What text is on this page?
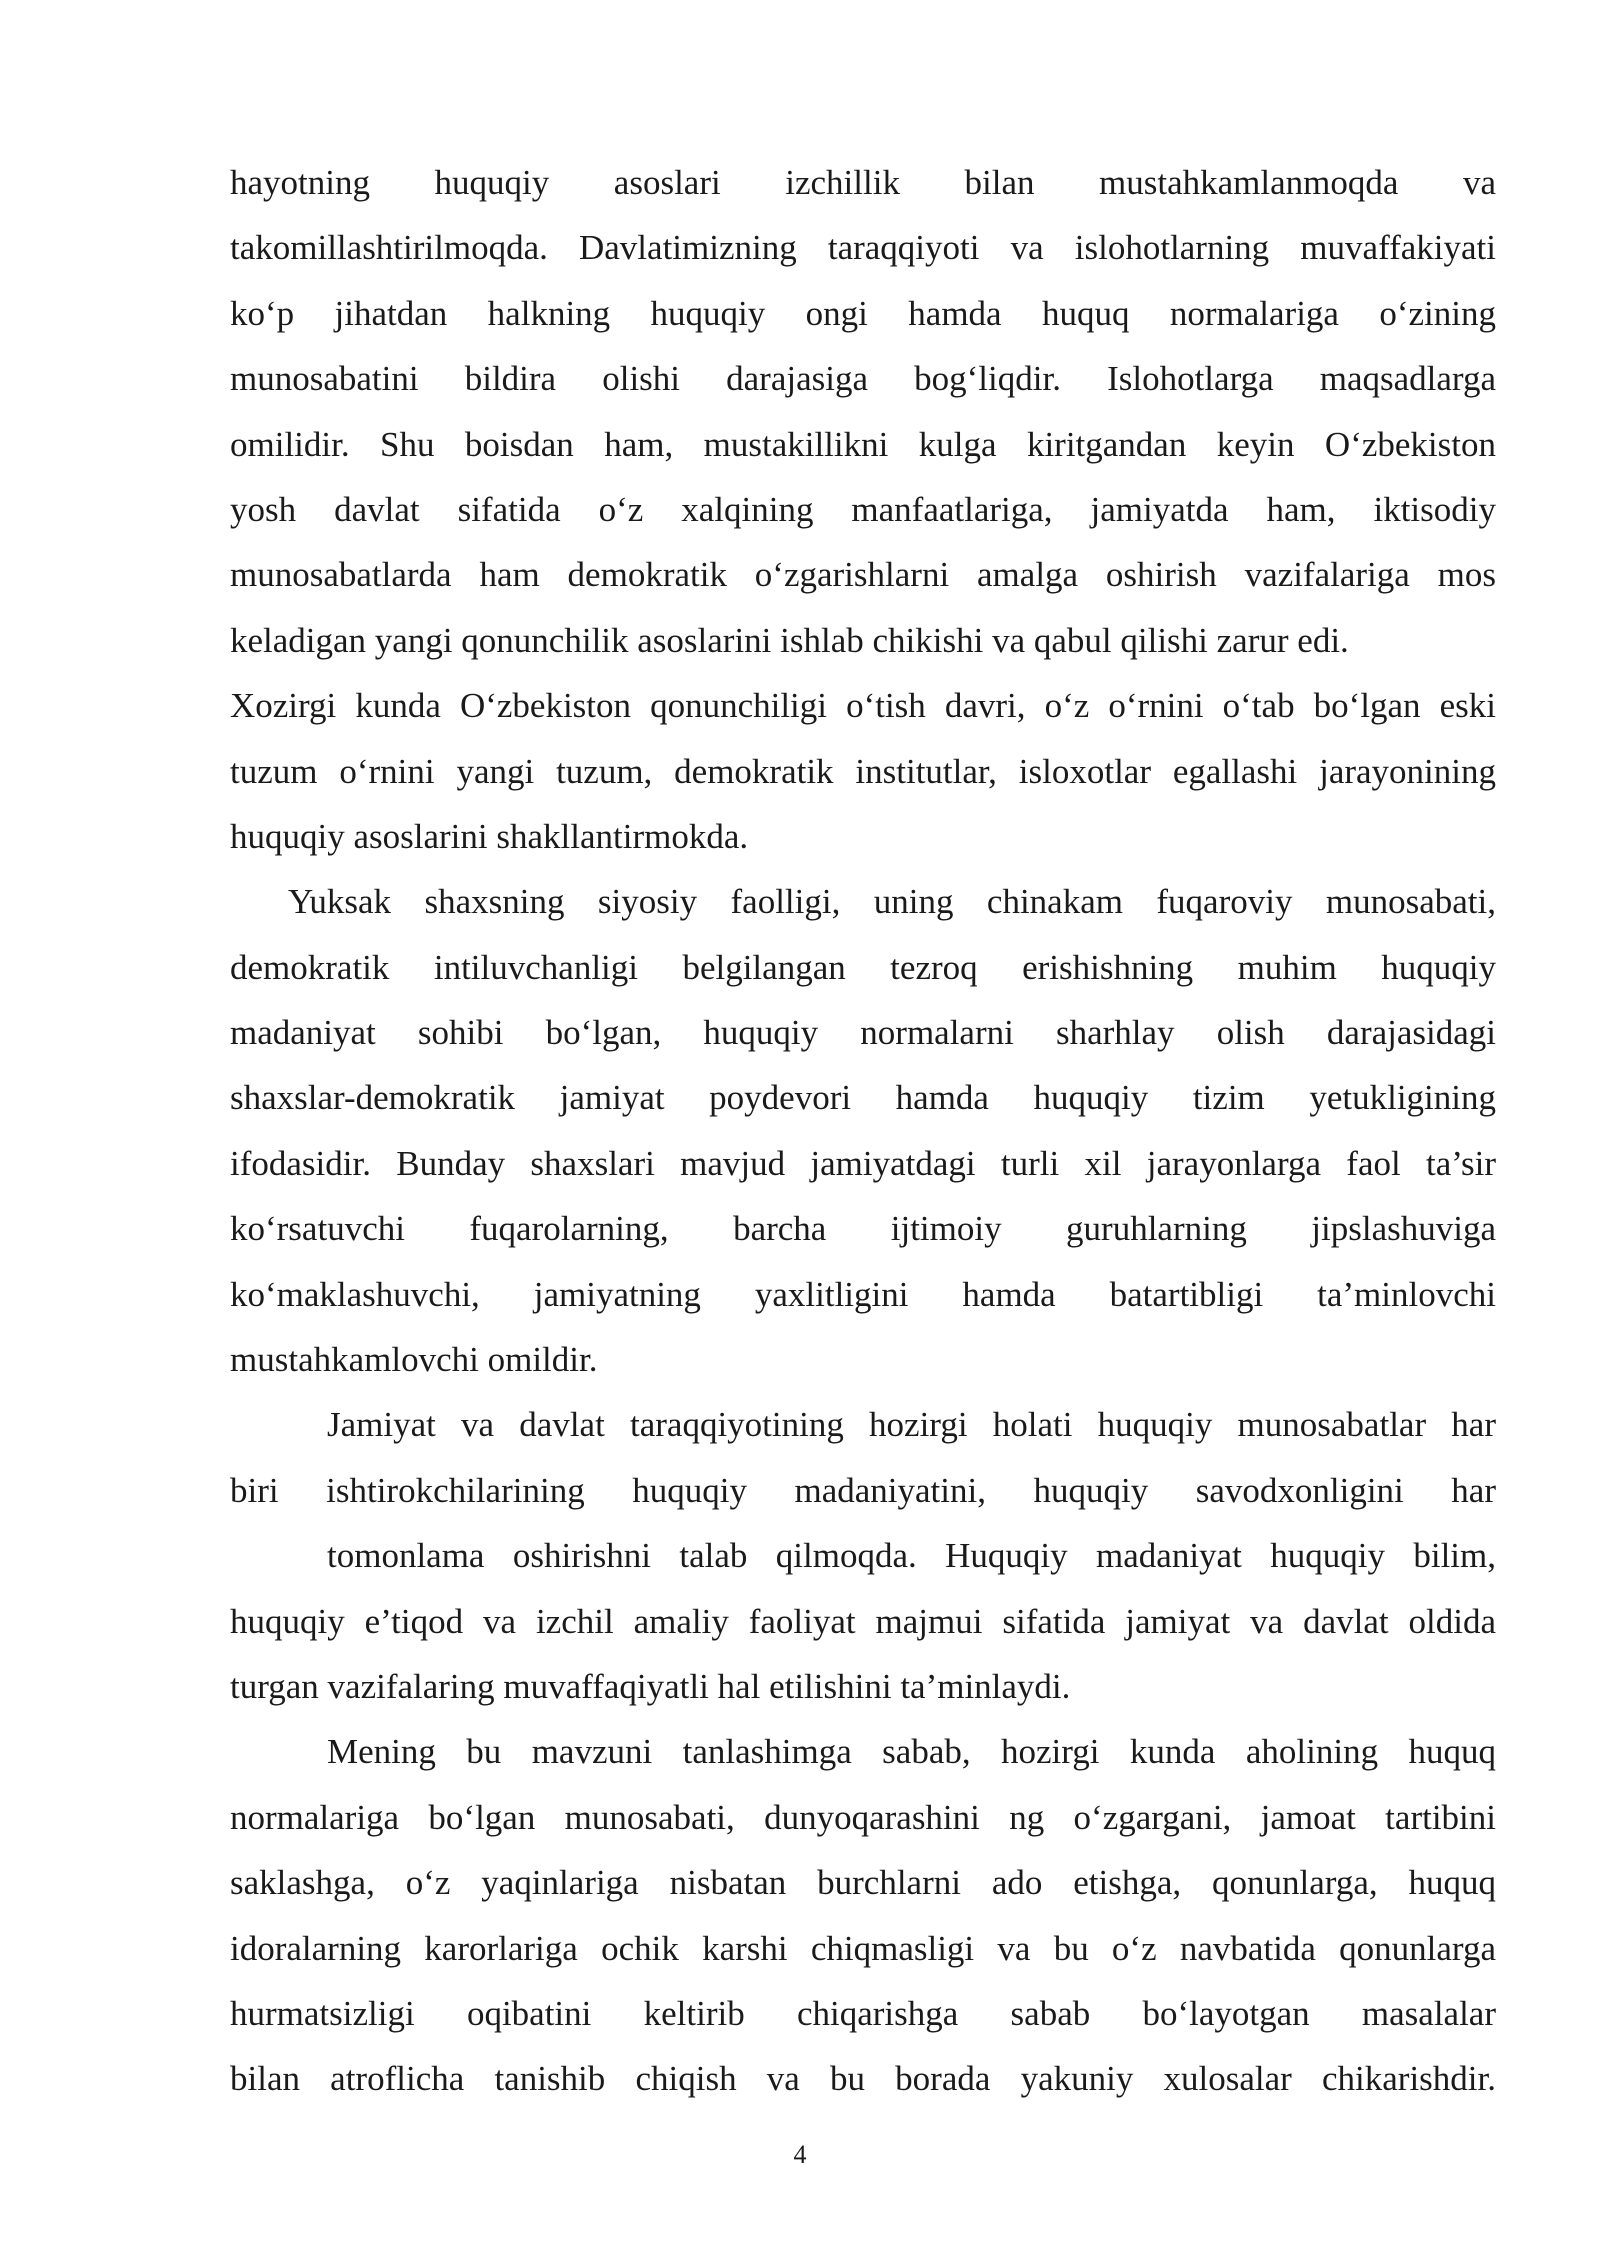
hayotning huquqiy asoslari izchillik bilan mustahkamlanmoqda va
takomillashtirilmoqda. Davlatimizning taraqqiyoti va islohotlarning muvaffakiyati
ko‘p jihatdan halkning huquqiy ongi hamda huquq normalariga o‘zining
munosabatini bildira olishi darajasiga bog‘liqdir. Islohotlarga maqsadlarga
omilidir. Shu boisdan ham, mustakillikni kulga kiritgandan keyin O‘zbekiston
yosh davlat sifatida o‘z xalqining manfaatlariga, jamiyatda ham, iktisodiy
munosabatlarda ham demokratik o‘zgarishlarni amalga oshirish vazifalariga mos
keladigan yangi qonunchilik asoslarini ishlab chikishi va qabul qilishi zarur edi.
Xozirgi kunda O‘zbekiston qonunchiligi o‘tish davri, o‘z o‘rnini o‘tab bo‘lgan eski
tuzum o‘rnini yangi tuzum, demokratik institutlar, isloxotlar egallashi jarayonining
huquqiy asoslarini shakllantirmokda.
Yuksak shaxsning siyosiy faolligi, uning chinakam fuqaroviy munosabati,
demokratik intiluvchanligi belgilangan tezroq erishishning muhim huquqiy
madaniyat sohibi bo‘lgan, huquqiy normalarni sharhlay olish darajasidagi
shaxslar-demokratik jamiyat poydevori hamda huquqiy tizim yetukligining
ifodasidir. Bunday shaxslari mavjud jamiyatdagi turli xil jarayonlarga faol ta’sir
ko‘rsatuvchi fuqarolarning, barcha ijtimoiy guruhlarning jipslashuviga
ko‘maklashuvchi, jamiyatning yaxlitligini hamda batartibligi ta’minlovchi
mustahkamlovchi omildir.
Jamiyat va davlat taraqqiyotining hozirgi holati huquqiy munosabatlar har
biri ishtirokchilarining huquqiy madaniyatini, huquqiy savodxonligini har
tomonlama oshirishni talab qilmoqda. Huquqiy madaniyat huquqiy bilim,
huquqiy e’tiqod va izchil amaliy faoliyat majmui sifatida jamiyat va davlat oldida
turgan vazifalaring muvaffaqiyatli hal etilishini ta’minlaydi.
Mening bu mavzuni tanlashimga sabab, hozirgi kunda aholining huquq
normalariga bo‘lgan munosabati, dunyoqarashini ng o‘zgargani, jamoat tartibini
saklashga, o‘z yaqinlariga nisbatan burchlarni ado etishga, qonunlarga, huquq
idoralarning karorlariga ochik karshi chiqmasligi va bu o‘z navbatida qonunlarga
hurmatsizligi oqibatini keltirib chiqarishga sabab bo‘layotgan masalalar
bilan atroflicha tanishib chiqish va bu borada yakuniy xulosalar chikarishdir.
4
